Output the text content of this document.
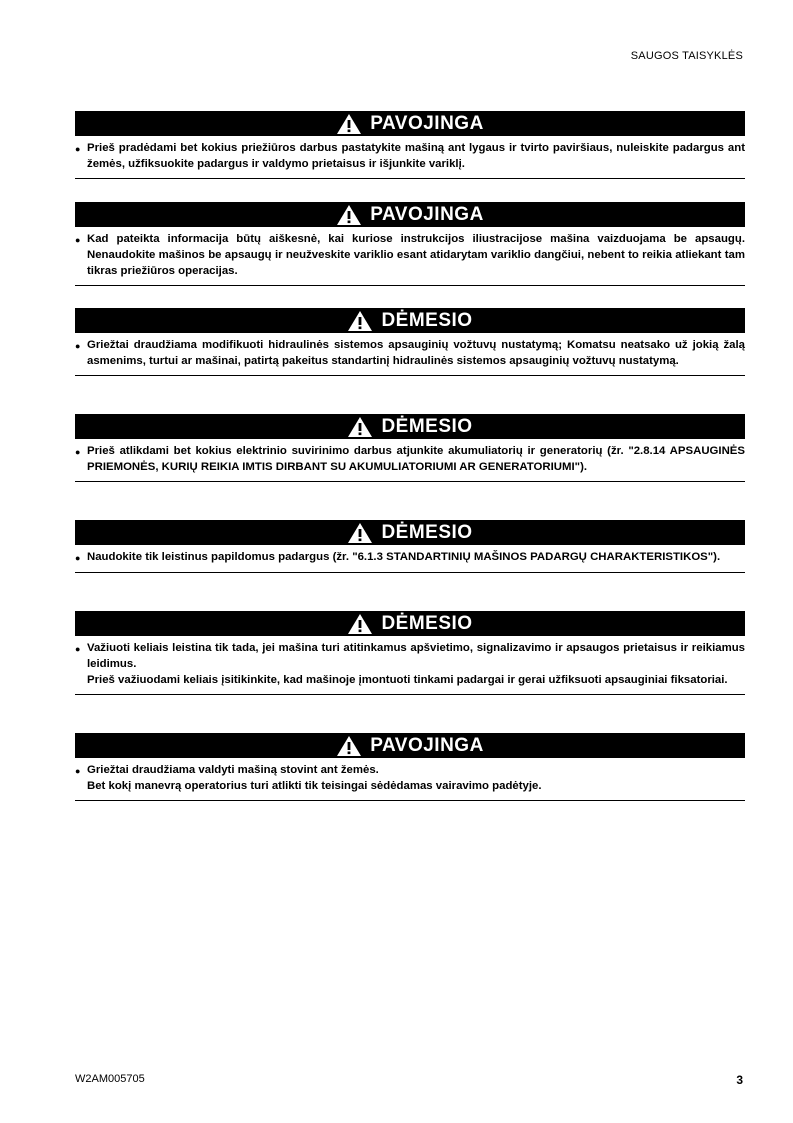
SAUGOS TAISYKLĖS
PAVOJINGA
● Prieš pradėdami bet kokius priežiūros darbus pastatykite mašiną ant lygaus ir tvirto paviršiaus, nuleiskite padargus ant žemės, užfiksuokite padargus ir valdymo prietaisus ir išjunkite variklį.
PAVOJINGA
● Kad pateikta informacija būtų aiškesnė, kai kuriose instrukcijos iliustracijose mašina vaizduojama be apsaugų. Nenaudokite mašinos be apsaugų ir neužveskite variklio esant atidarytam variklio dangčiui, nebent to reikia atliekant tam tikras priežiūros operacijas.
DĖMESIO
● Griežtai draudžiama modifikuoti hidraulinės sistemos apsauginių vožtuvų nustatymą; Komatsu neatsako už jokią žalą asmenims, turtui ar mašinai, patirtą pakeitus standartinį hidraulinės sistemos apsauginių vožtuvų nustatymą.
DĖMESIO
● Prieš atlikdami bet kokius elektrinio suvirinimo darbus atjunkite akumuliatorių ir generatorių (žr. "2.8.14 APSAUGINĖS PRIEMONĖS, KURIŲ REIKIA IMTIS DIRBANT SU AKUMULIATORIUMI AR GENERATORIUMI").
DĖMESIO
● Naudokite tik leistinus papildomus padargus (žr. "6.1.3 STANDARTINIŲ MAŠINOS PADARGŲ CHARAKTERISTIKOS").
DĖMESIO
● Važiuoti keliais leistina tik tada, jei mašina turi atitinkamus apšvietimo, signalizavimo ir apsaugos prietaisus ir reikiamus leidimus.
Prieš važiuodami keliais įsitikinkite, kad mašinoje įmontuoti tinkami padargai ir gerai užfiksuoti apsauginiai fiksatoriai.
PAVOJINGA
● Griežtai draudžiama valdyti mašiną stovint ant žemės.
Bet kokį manevrą operatorius turi atlikti tik teisingai sėdėdamas vairavimo padėtyje.
W2AM005705	3
